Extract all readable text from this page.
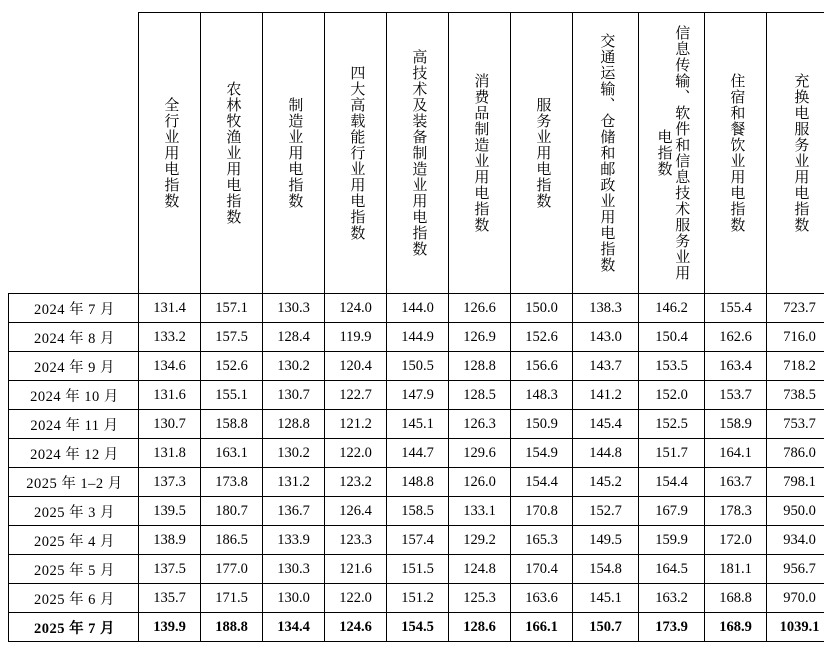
	全行业用电指数	农林牧渔业用电指数	制造业用电指数	四大高载能行业用电指数	高技术及装备制造业用电指数	消费品制造业用电指数	服务业用电指数	交通运输、仓储和邮政业用电指数	信息传输、软件和信息技术服务业用电指数	住宿和餐饮业用电指数	充换电服务业用电指数

2024 年 7 月	131.4	157.1	130.3	124.0	144.0	126.6	150.0	138.3	146.2	155.4	723.7
2024 年 8 月	133.2	157.5	128.4	119.9	144.9	126.9	152.6	143.0	150.4	162.6	716.0
2024 年 9 月	134.6	152.6	130.2	120.4	150.5	128.8	156.6	143.7	153.5	163.4	718.2
2024 年 10 月	131.6	155.1	130.7	122.7	147.9	128.5	148.3	141.2	152.0	153.7	738.5
2024 年 11 月	130.7	158.8	128.8	121.2	145.1	126.3	150.9	145.4	152.5	158.9	753.7
2024 年 12 月	131.8	163.1	130.2	122.0	144.7	129.6	154.9	144.8	151.7	164.1	786.0
2025 年 1–2 月	137.3	173.8	131.2	123.2	148.8	126.0	154.4	145.2	154.4	163.7	798.1
2025 年 3 月	139.5	180.7	136.7	126.4	158.5	133.1	170.8	152.7	167.9	178.3	950.0
2025 年 4 月	138.9	186.5	133.9	123.3	157.4	129.2	165.3	149.5	159.9	172.0	934.0
2025 年 5 月	137.5	177.0	130.3	121.6	151.5	124.8	170.4	154.8	164.5	181.1	956.7
2025 年 6 月	135.7	171.5	130.0	122.0	151.2	125.3	163.6	145.1	163.2	168.8	970.0
2025 年 7 月	139.9	188.8	134.4	124.6	154.5	128.6	166.1	150.7	173.9	168.9	1039.1
